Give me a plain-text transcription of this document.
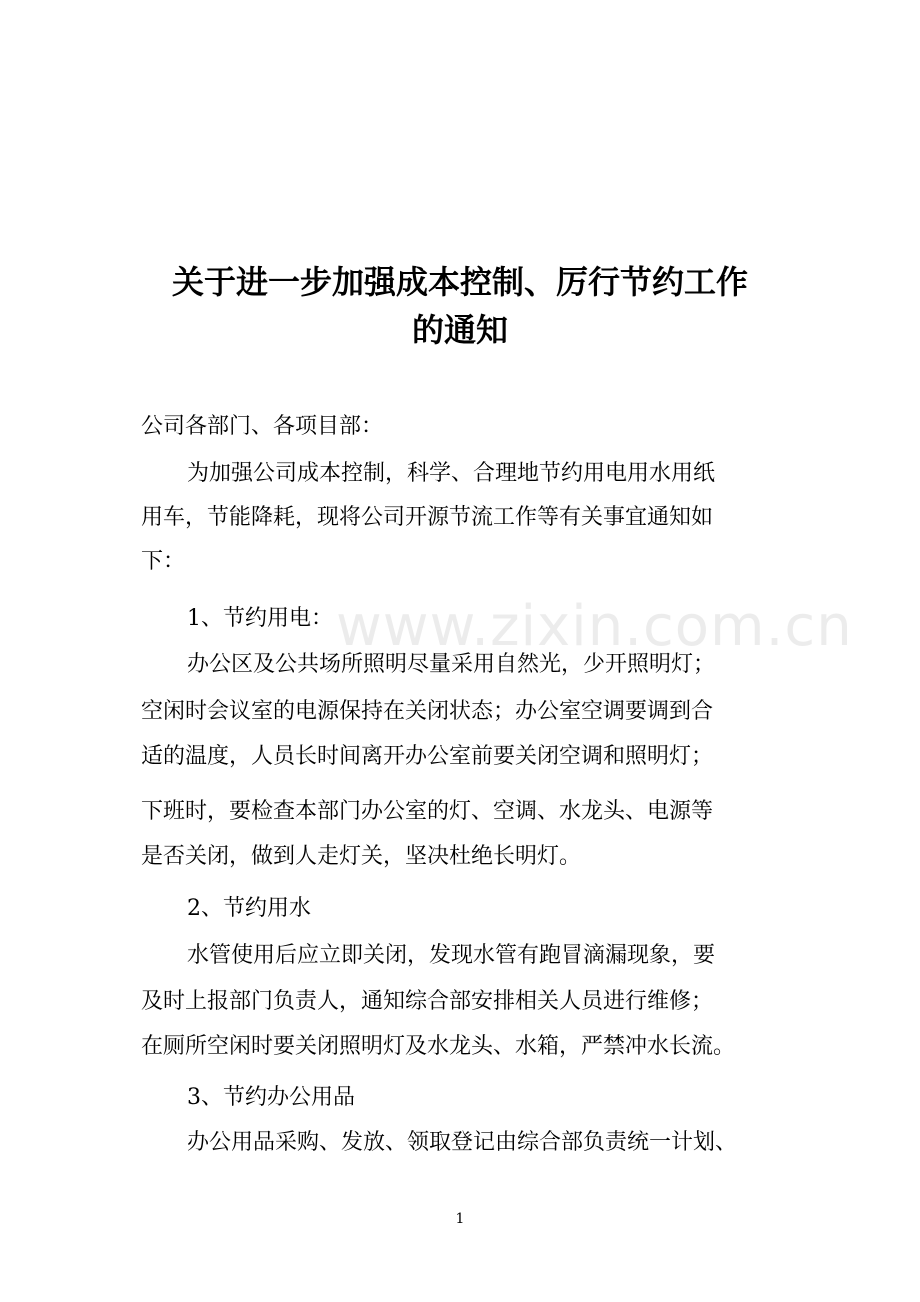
关于进一步加强成本控制、厉行节约工作
的通知

公司各部门、各项目部：

为加强公司成本控制，科学、合理地节约用电用水用纸

用车，节能降耗，现将公司开源节流工作等有关事宜通知如

下：

1、节约用电：

办公区及公共场所照明尽量采用自然光，少开照明灯；

空闲时会议室的电源保持在关闭状态；办公室空调要调到合

适的温度，人员长时间离开办公室前要关闭空调和照明灯；

下班时，要检查本部门办公室的灯、空调、水龙头、电源等

是否关闭，做到人走灯关，坚决杜绝长明灯。

2、节约用水

水管使用后应立即关闭，发现水管有跑冒滴漏现象，要

及时上报部门负责人，通知综合部安排相关人员进行维修；

在厕所空闲时要关闭照明灯及水龙头、水箱，严禁冲水长流。

3、节约办公用品

办公用品采购、发放、领取登记由综合部负责统一计划、

www.zixin.com.cn
1
